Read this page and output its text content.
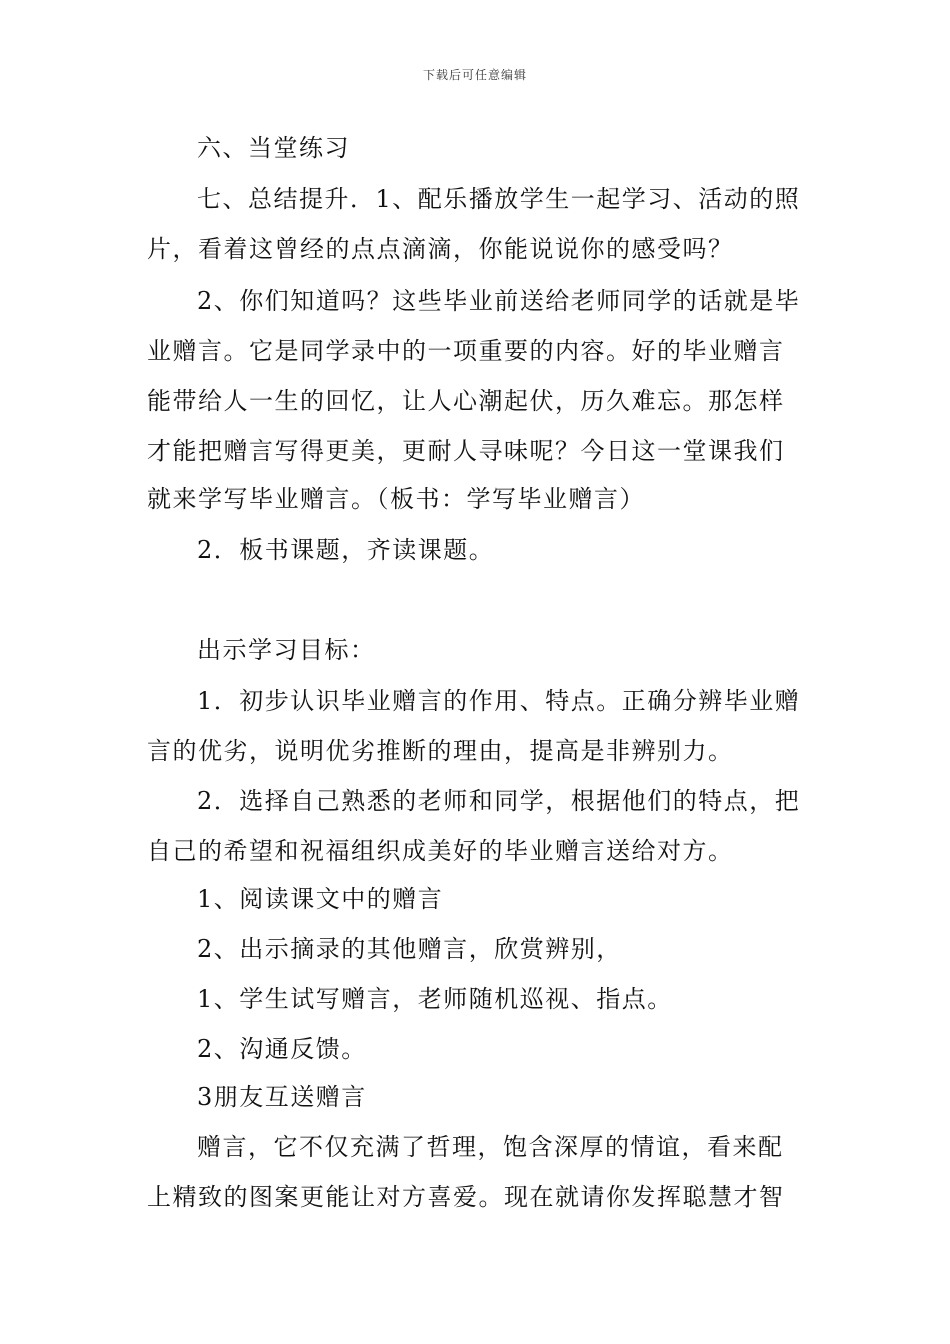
下载后可任意编辑
六、当堂练习
七、总结提升．1、配乐播放学生一起学习、活动的照
片，看着这曾经的点点滴滴，你能说说你的感受吗？
2、你们知道吗？这些毕业前送给老师同学的话就是毕
业赠言。它是同学录中的一项重要的内容。好的毕业赠言
能带给人一生的回忆，让人心潮起伏，历久难忘。那怎样
才能把赠言写得更美，更耐人寻味呢？今日这一堂课我们
就来学写毕业赠言。（板书：学写毕业赠言）
2．板书课题，齐读课题。
出示学习目标：
1．初步认识毕业赠言的作用、特点。正确分辨毕业赠
言的优劣，说明优劣推断的理由，提高是非辨别力。
2．选择自己熟悉的老师和同学，根据他们的特点，把
自己的希望和祝福组织成美好的毕业赠言送给对方。
1、阅读课文中的赠言
2、出示摘录的其他赠言，欣赏辨别，
1、学生试写赠言，老师随机巡视、指点。
2、沟通反馈。
3朋友互送赠言
赠言，它不仅充满了哲理，饱含深厚的情谊，看来配
上精致的图案更能让对方喜爱。现在就请你发挥聪慧才智
